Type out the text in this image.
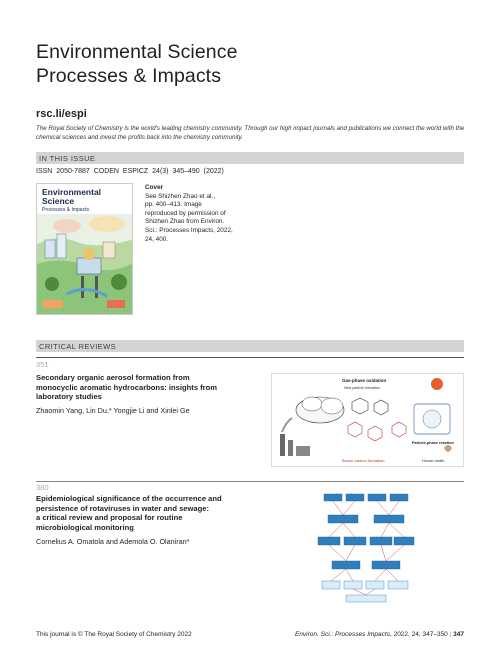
Environmental Science
Processes & Impacts
rsc.li/espi
The Royal Society of Chemistry is the world's leading chemistry community. Through our high impact journals and publications we connect the world with the chemical sciences and invest the profits back into the chemistry community.
IN THIS ISSUE
ISSN 2050-7887 CODEN ESPICZ 24(3) 345–490 (2022)
Environmental
Science
Processes & Impacts
Cover
See Shizhen Zhao et al.,
pp. 400–413. Image
reproduced by permission of
Shizhen Zhao from Environ.
Sci.: Processes Impacts, 2022,
24, 400.
CRITICAL REVIEWS
351
Secondary organic aerosol formation from
monocyclic aromatic hydrocarbons: insights from
laboratory studies
Zhaomin Yang, Lin Du,* Yongjie Li and Xinlei Ge
Gas-phase oxidation
New particle formation
Particle-phase reaction
Brown carbon formation	Human health
380
Epidemiological significance of the occurrence and
persistence of rotaviruses in water and sewage:
a critical review and proposal for routine
microbiological monitoring
Cornelius A. Omatola and Ademola O. Olaniran*
This journal is © The Royal Society of Chemistry 2022	Environ. Sci.: Processes Impacts, 2022, 24, 347–350 | 347
